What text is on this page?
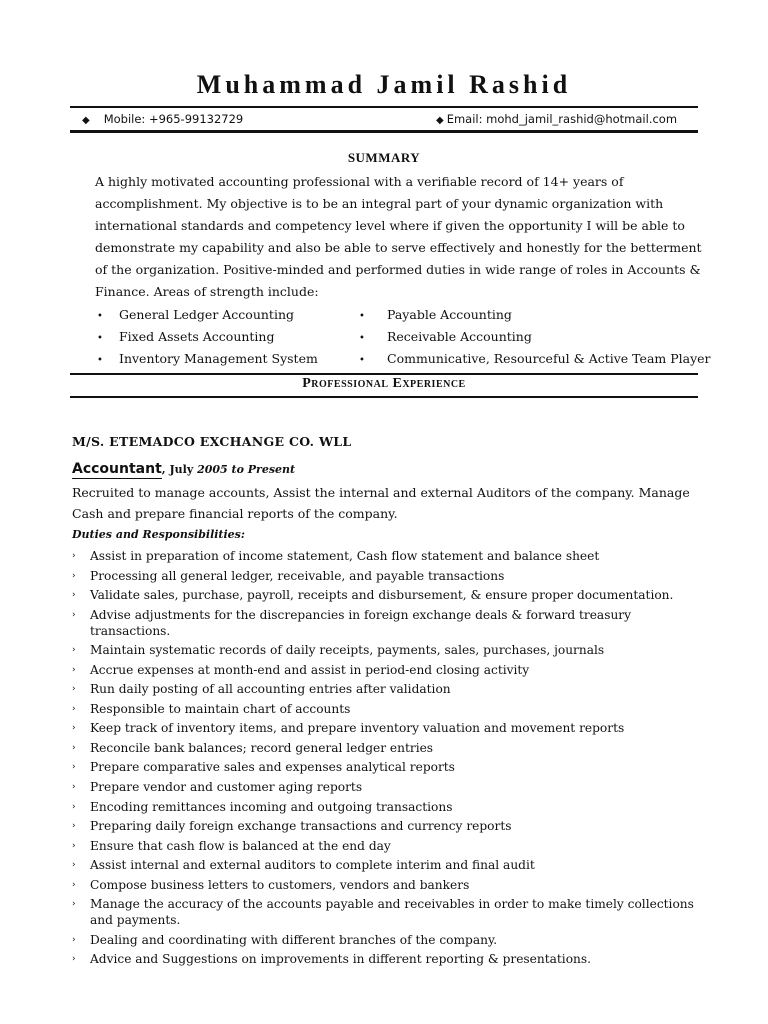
Muhammad Jamil Rashid
◆ Mobile: +965-99132729	◆ Email: mohd_jamil_rashid@hotmail.com
SUMMARY
A highly motivated accounting professional with a verifiable record of 14+ years of accomplishment. My objective is to be an integral part of your dynamic organization with international standards and competency level where if given the opportunity I will be able to demonstrate my capability and also be able to serve effectively and honestly for the betterment of the organization. Positive-minded and performed duties in wide range of roles in Accounts & Finance. Areas of strength include:
• General Ledger Accounting
• Fixed Assets Accounting
• Inventory Management System
• Payable Accounting
• Receivable Accounting
• Communicative, Resourceful & Active Team Player
Professional Experience
M/S. ETEMADCO EXCHANGE CO. WLL
Accountant, July 2005 to Present
Recruited to manage accounts, Assist the internal and external Auditors of the company. Manage Cash and prepare financial reports of the company.
Duties and Responsibilities:
› Assist in preparation of income statement, Cash flow statement and balance sheet
› Processing all general ledger, receivable, and payable transactions
› Validate sales, purchase, payroll, receipts and disbursement, & ensure proper documentation.
› Advise adjustments for the discrepancies in foreign exchange deals & forward treasury transactions.
› Maintain systematic records of daily receipts, payments, sales, purchases, journals
› Accrue expenses at month-end and assist in period-end closing activity
› Run daily posting of all accounting entries after validation
› Responsible to maintain chart of accounts
› Keep track of inventory items, and prepare inventory valuation and movement reports
› Reconcile bank balances; record general ledger entries
› Prepare comparative sales and expenses analytical reports
› Prepare vendor and customer aging reports
› Encoding remittances incoming and outgoing transactions
› Preparing daily foreign exchange transactions and currency reports
› Ensure that cash flow is balanced at the end day
› Assist internal and external auditors to complete interim and final audit
› Compose business letters to customers, vendors and bankers
› Manage the accuracy of the accounts payable and receivables in order to make timely collections and payments.
› Dealing and coordinating with different branches of the company.
› Advice and Suggestions on improvements in different reporting & presentations.
